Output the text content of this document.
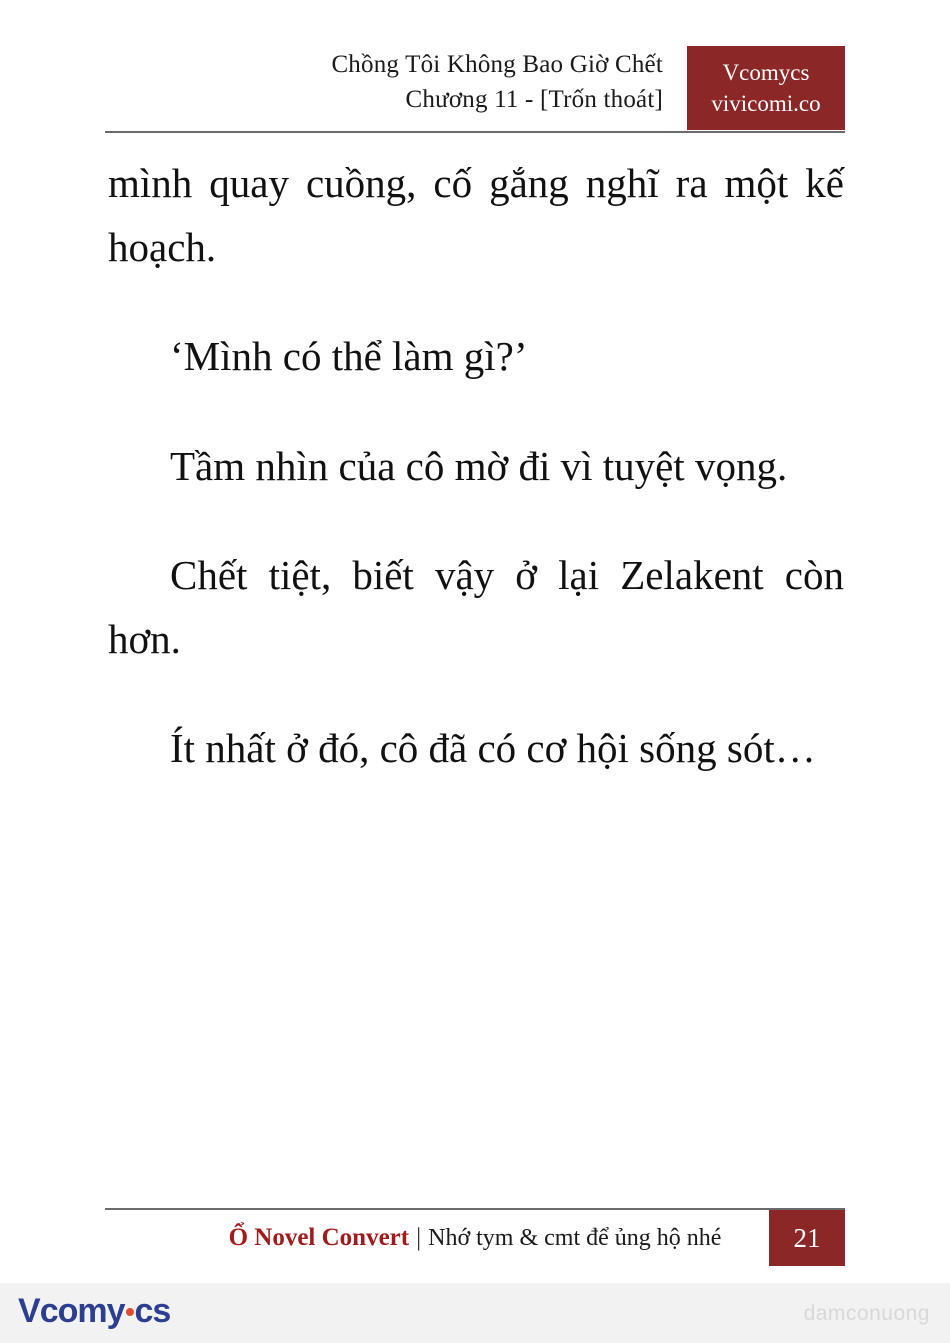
Chồng Tôi Không Bao Giờ Chết
Chương 11 - [Trốn thoát]
Vcomycs
vivicomi.co

mình quay cuồng, cố gắng nghĩ ra một kế hoạch.

‘Mình có thể làm gì?’

Tầm nhìn của cô mờ đi vì tuyệt vọng.

Chết tiệt, biết vậy ở lại Zelakent còn hơn.

Ít nhất ở đó, cô đã có cơ hội sống sót…

Ổ Novel Convert | Nhớ tym & cmt để ủng hộ nhé	21
V comy cs	damconuong
